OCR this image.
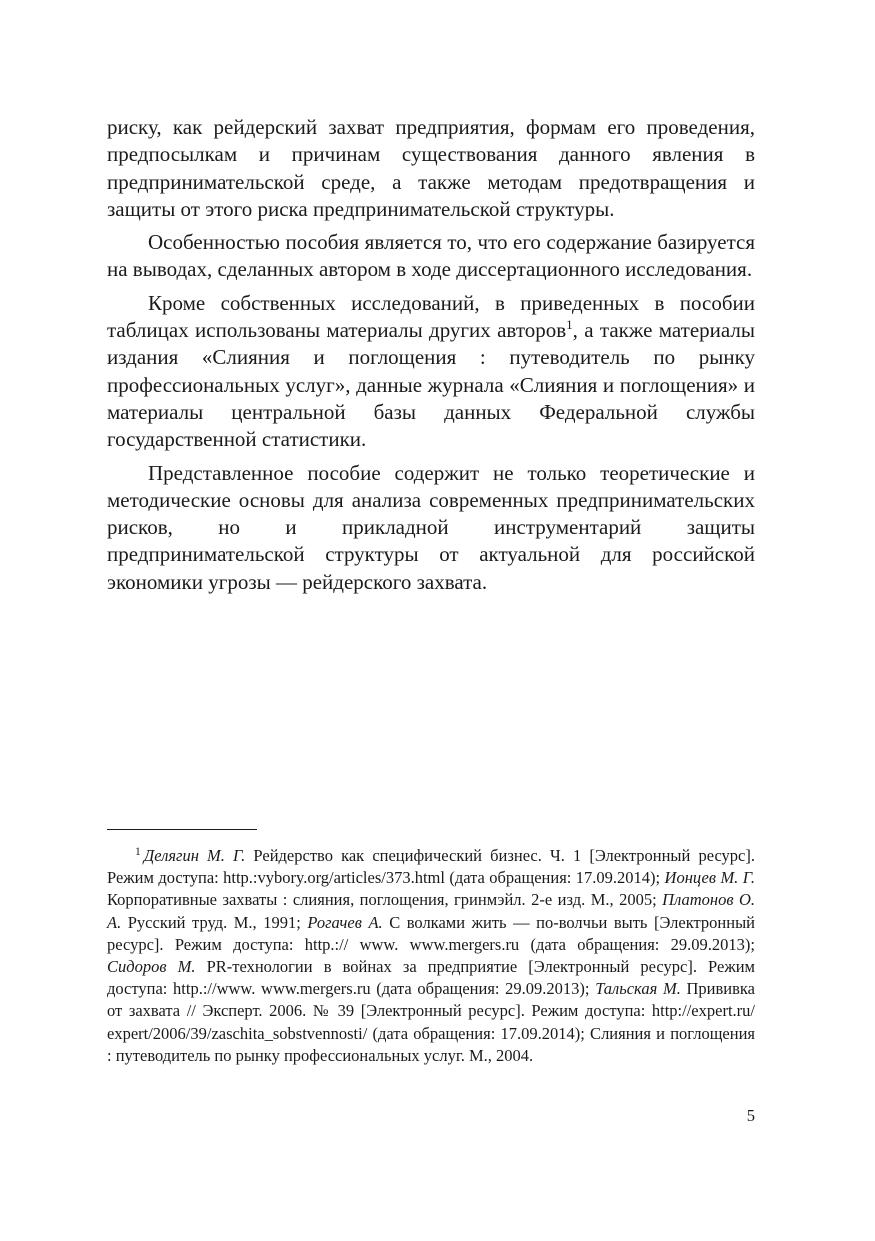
риску, как рейдерский захват предприятия, формам его проведения, предпосылкам и причинам существования данного явления в предпринимательской среде, а также методам предотвращения и защиты от этого риска предпринимательской структуры.

Особенностью пособия является то, что его содержание базируется на выводах, сделанных автором в ходе диссертационного исследования.

Кроме собственных исследований, в приведенных в пособии таблицах использованы материалы других авторов$^1$, а также материалы издания «Слияния и поглощения : путеводитель по рынку профессиональных услуг», данные журнала «Слияния и поглощения» и материалы центральной базы данных Федеральной службы государственной статистики.

Представленное пособие содержит не только теоретические и методические основы для анализа современных предпринимательских рисков, но и прикладной инструментарий защиты предпринимательской структуры от актуальной для российской экономики угрозы — рейдерского захвата.

$^1$ Делягин М. Г. Рейдерство как специфический бизнес. Ч. 1 [Электронный ресурс]. Режим доступа: http.:vybory.org/articles/373.html (дата обращения: 17.09.2014); Ионцев М. Г. Корпоративные захваты : слияния, поглощения, гринмэйл. 2-е изд. М., 2005; Платонов О. А. Русский труд. М., 1991; Рогачев А. С волками жить — по-волчьи выть [Электронный ресурс]. Режим доступа: http.:// www. www.mergers.ru (дата обращения: 29.09.2013); Сидоров М. PR-технологии в войнах за предприятие [Электронный ресурс]. Режим доступа: http.://www. www.mergers.ru (дата обращения: 29.09.2013); Тальская М. Прививка от захвата // Эксперт. 2006. № 39 [Электронный ресурс]. Режим доступа: http://expert.ru/ expert/2006/39/zaschita_sobstvennosti/ (дата обращения: 17.09.2014); Слияния и поглощения : путеводитель по рынку профессиональных услуг. М., 2004.

5
